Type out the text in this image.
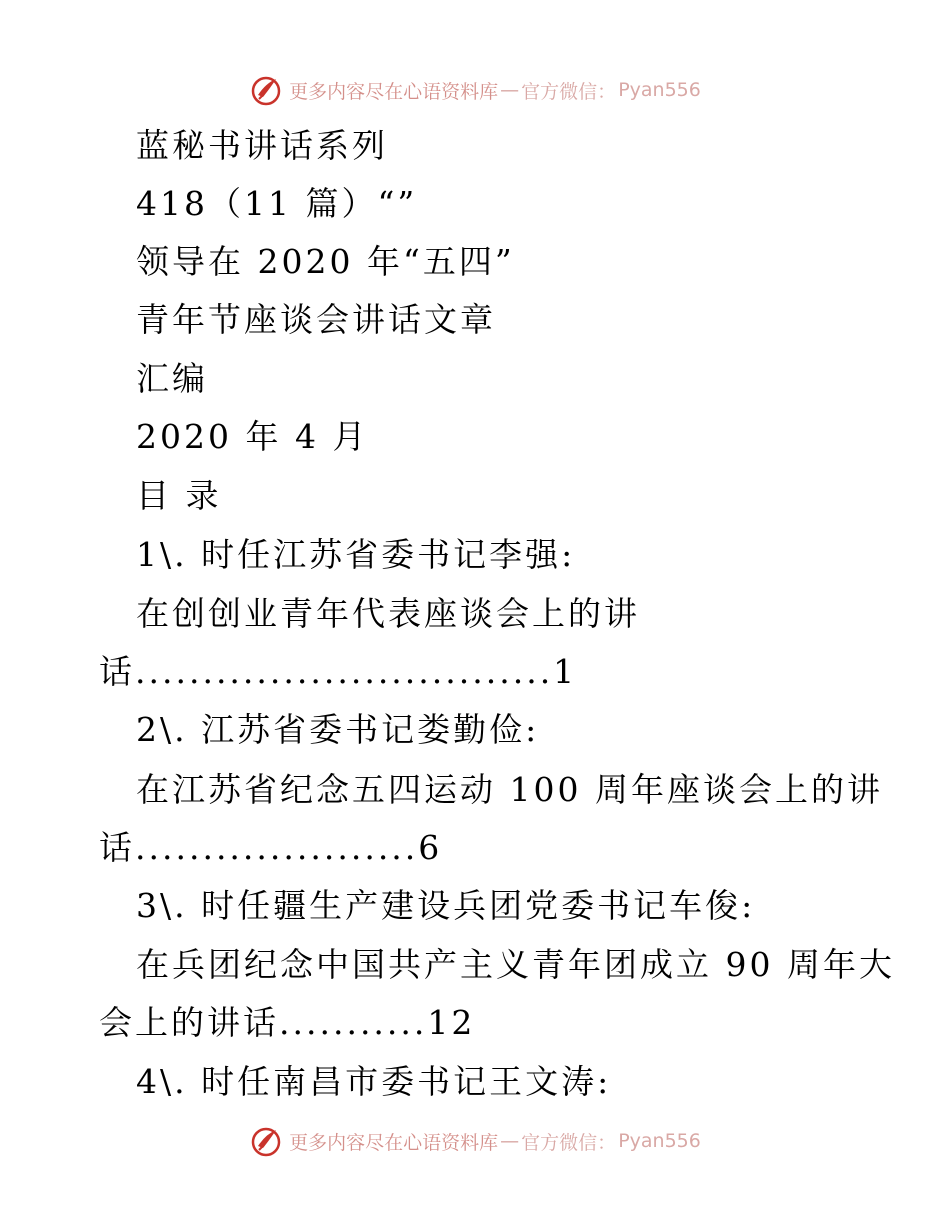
更多内容尽在心语资料库 — 官方微信： Pyan556
蓝秘书讲话系列
418（11 篇）“”
领导在 2020 年“五四”
青年节座谈会讲话文章
汇编
2020 年 4 月
目 录
1\. 时任江苏省委书记李强:
在创创业青年代表座谈会上的讲
话...............................1
2\. 江苏省委书记娄勤俭:
在江苏省纪念五四运动 100 周年座谈会上的讲
话.....................6
3\. 时任疆生产建设兵团党委书记车俊:
在兵团纪念中国共产主义青年团成立 90 周年大
会上的讲话...........12
4\. 时任南昌市委书记王文涛:
更多内容尽在心语资料库 — 官方微信： Pyan556
